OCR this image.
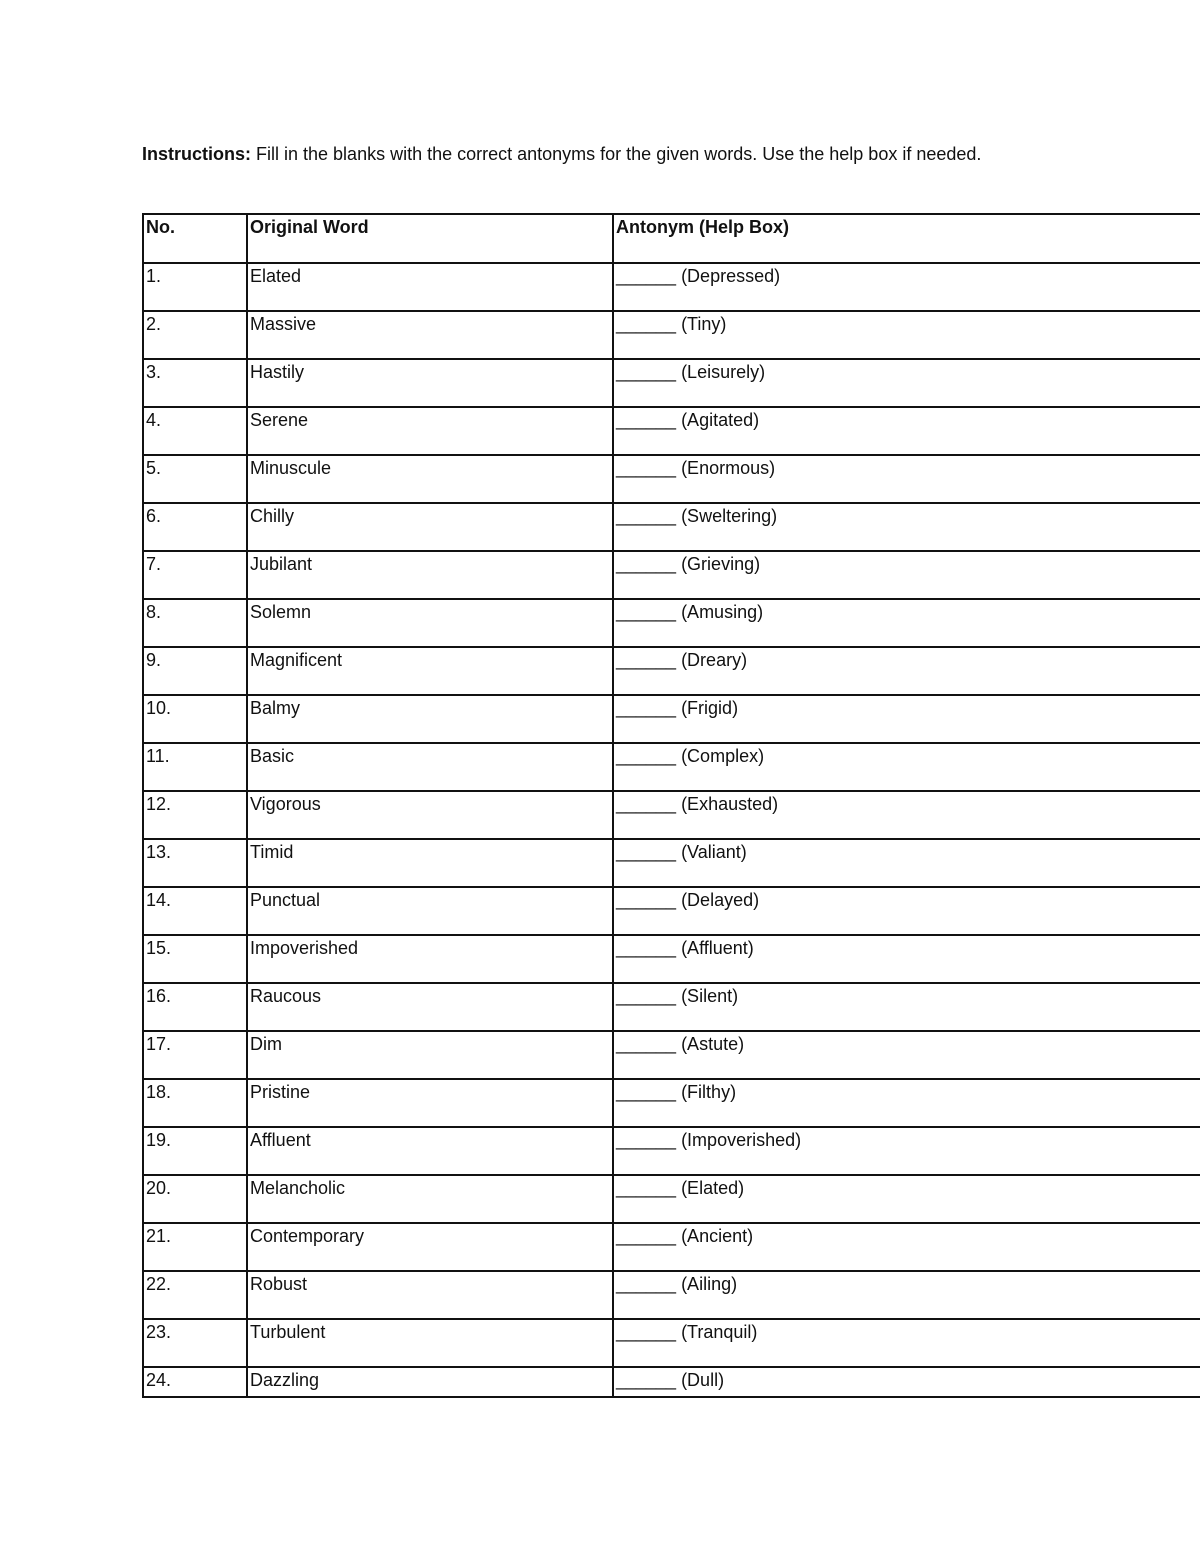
Instructions: Fill in the blanks with the correct antonyms for the given words. Use the help box if needed.

No.	Original Word	Antonym (Help Box)
1.	Elated	______ (Depressed)
2.	Massive	______ (Tiny)
3.	Hastily	______ (Leisurely)
4.	Serene	______ (Agitated)
5.	Minuscule	______ (Enormous)
6.	Chilly	______ (Sweltering)
7.	Jubilant	______ (Grieving)
8.	Solemn	______ (Amusing)
9.	Magnificent	______ (Dreary)
10.	Balmy	______ (Frigid)
11.	Basic	______ (Complex)
12.	Vigorous	______ (Exhausted)
13.	Timid	______ (Valiant)
14.	Punctual	______ (Delayed)
15.	Impoverished	______ (Affluent)
16.	Raucous	______ (Silent)
17.	Dim	______ (Astute)
18.	Pristine	______ (Filthy)
19.	Affluent	______ (Impoverished)
20.	Melancholic	______ (Elated)
21.	Contemporary	______ (Ancient)
22.	Robust	______ (Ailing)
23.	Turbulent	______ (Tranquil)
24.	Dazzling	______ (Dull)
